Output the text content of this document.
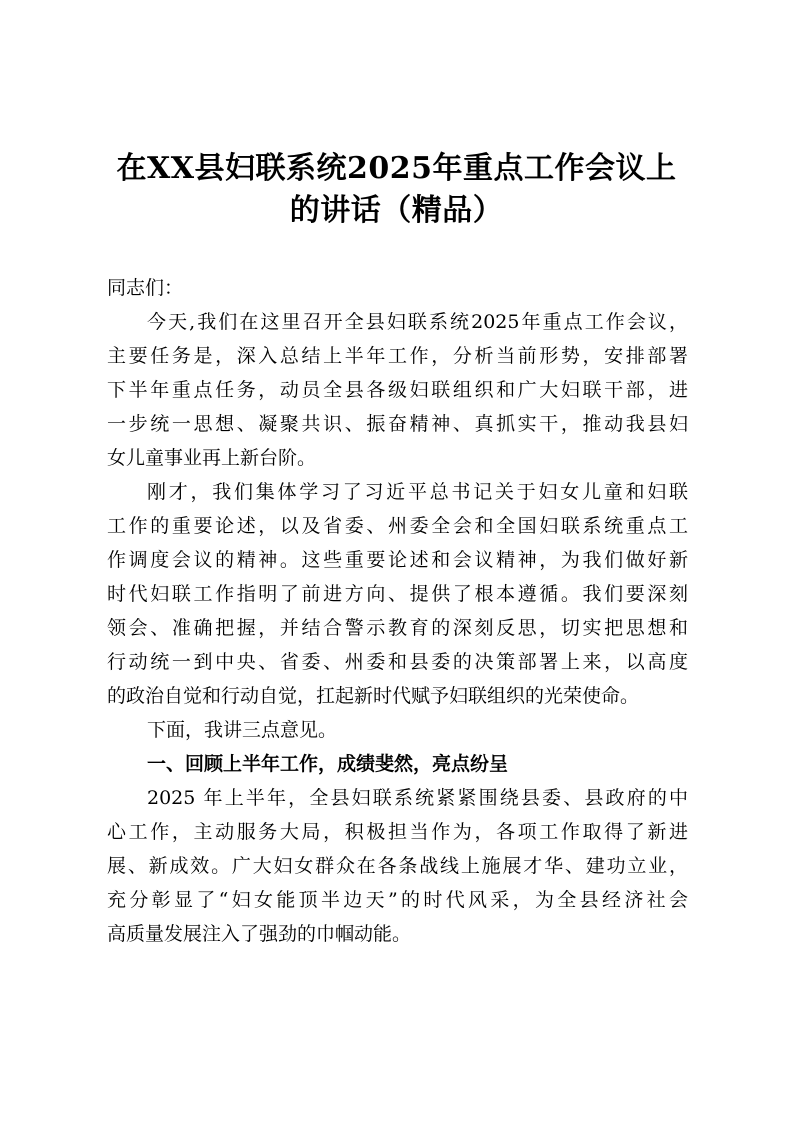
在XX县妇联系统2025年重点工作会议上
的讲话（精品）
同志们：
今天,我们在这里召开全县妇联系统2025年重点工作会议，
主要任务是，深入总结上半年工作，分析当前形势，安排部署
下半年重点任务，动员全县各级妇联组织和广大妇联干部，进
一步统一思想、凝聚共识、振奋精神、真抓实干，推动我县妇
女儿童事业再上新台阶。
刚才，我们集体学习了习近平总书记关于妇女儿童和妇联
工作的重要论述，以及省委、州委全会和全国妇联系统重点工
作调度会议的精神。这些重要论述和会议精神，为我们做好新
时代妇联工作指明了前进方向、提供了根本遵循。我们要深刻
领会、准确把握，并结合警示教育的深刻反思，切实把思想和
行动统一到中央、省委、州委和县委的决策部署上来，以高度
的政治自觉和行动自觉，扛起新时代赋予妇联组织的光荣使命。
下面，我讲三点意见。
一、回顾上半年工作，成绩斐然，亮点纷呈
2025 年上半年，全县妇联系统紧紧围绕县委、县政府的中
心工作，主动服务大局，积极担当作为，各项工作取得了新进
展、新成效。广大妇女群众在各条战线上施展才华、建功立业，
充分彰显了“妇女能顶半边天”的时代风采，为全县经济社会
高质量发展注入了强劲的巾帼动能。
